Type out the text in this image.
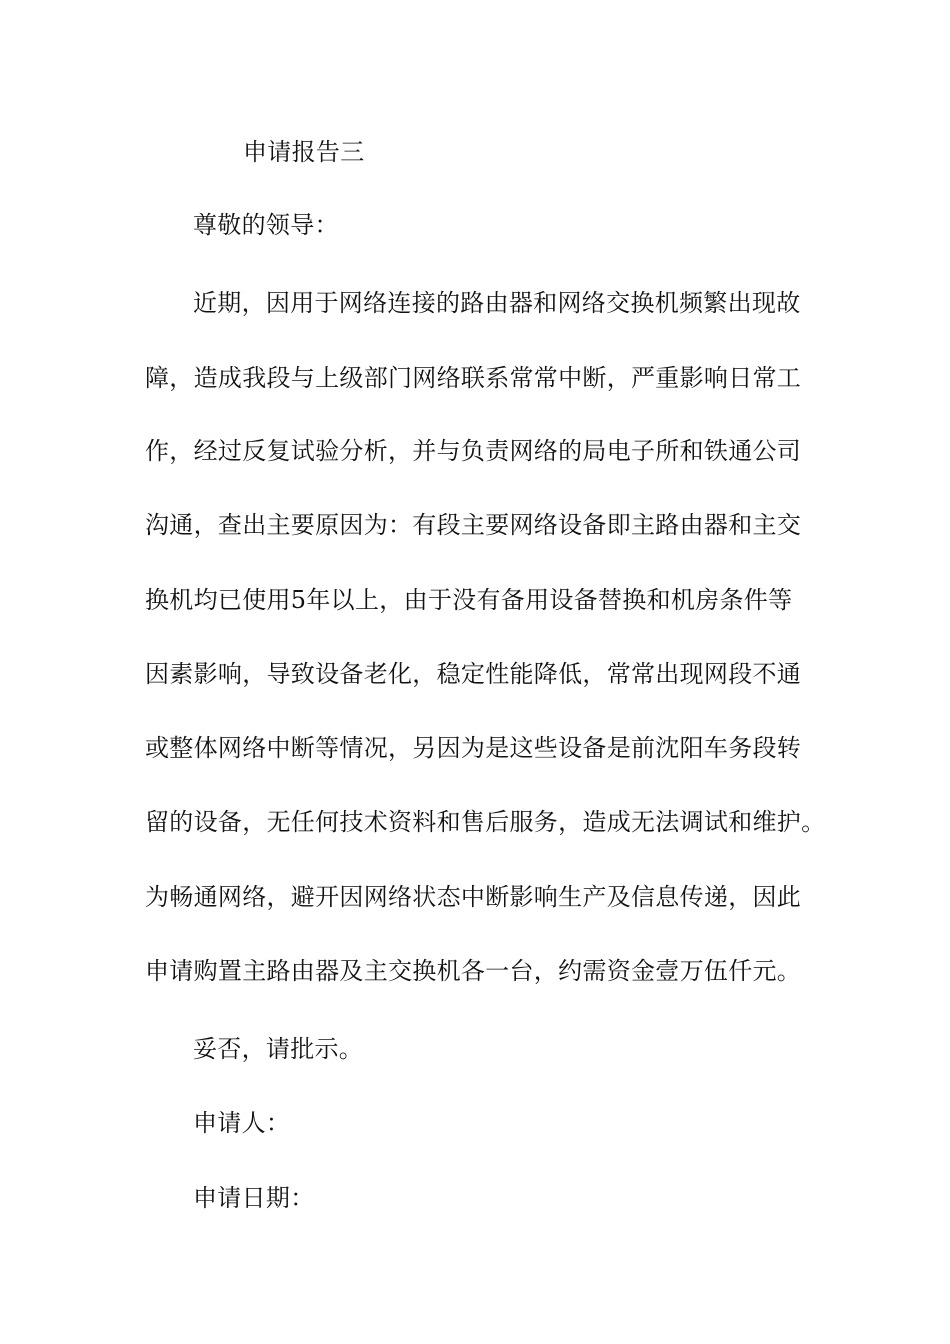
申请报告三
尊敬的领导：
近期，因用于网络连接的路由器和网络交换机频繁出现故
障，造成我段与上级部门网络联系常常中断，严重影响日常工
作，经过反复试验分析，并与负责网络的局电子所和铁通公司
沟通，查出主要原因为：有段主要网络设备即主路由器和主交
换机均已使用5年以上，由于没有备用设备替换和机房条件等
因素影响，导致设备老化，稳定性能降低，常常出现网段不通
或整体网络中断等情况，另因为是这些设备是前沈阳车务段转
留的设备，无任何技术资料和售后服务，造成无法调试和维护。
为畅通网络，避开因网络状态中断影响生产及信息传递，因此
申请购置主路由器及主交换机各一台，约需资金壹万伍仟元。
妥否，请批示。
申请人：
申请日期：
